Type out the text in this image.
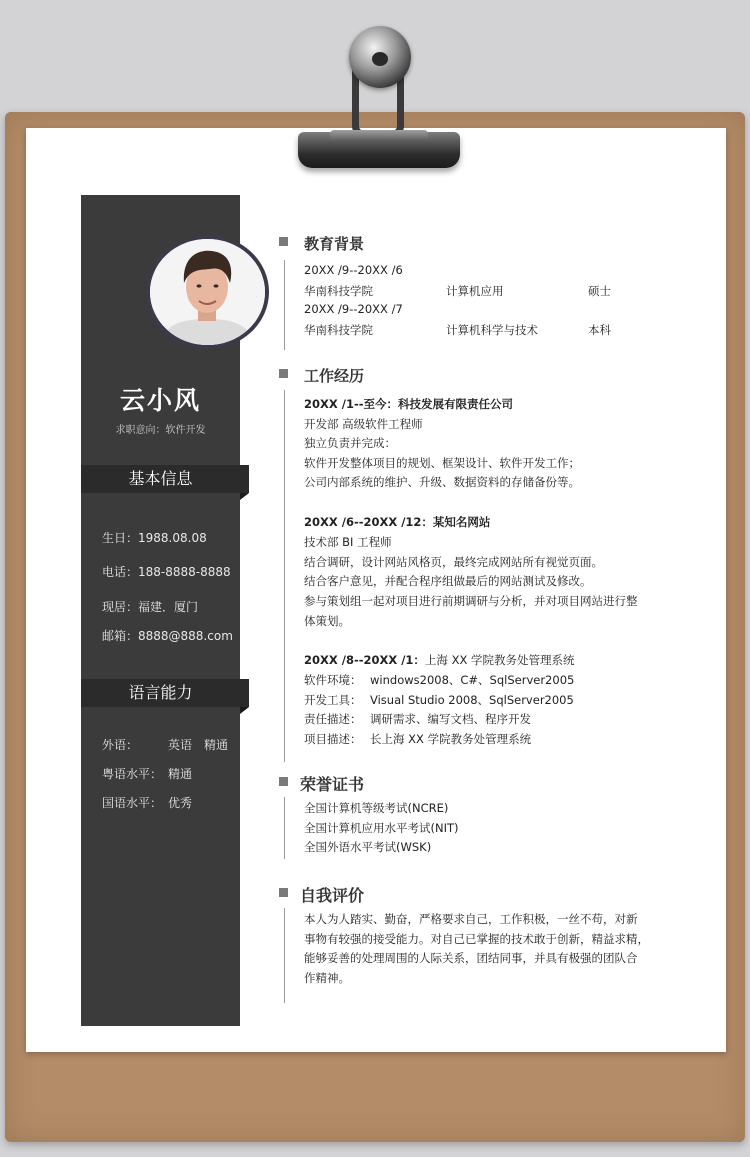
云小风
求职意向：软件开发
基本信息
生日：1988.08.08
电话：188-8888-8888
现居：福建．厦门
邮箱：8888@888.com
语言能力
外语： 英语　精通
粤语水平： 精通
国语水平： 优秀
教育背景
20XX /9--20XX /6
华南科技学院	计算机应用	硕士
20XX /9--20XX /7
华南科技学院	计算机科学与技术	本科
工作经历
20XX /1--至今：科技发展有限责任公司
开发部 高级软件工程师
独立负责并完成：
软件开发整体项目的规划、框架设计、软件开发工作；
公司内部系统的维护、升级、数据资料的存储备份等。
20XX /6--20XX /12：某知名网站
技术部 BI 工程师
结合调研，设计网站风格页，最终完成网站所有视觉页面。
结合客户意见，并配合程序组做最后的网站测试及修改。
参与策划组一起对项目进行前期调研与分析，并对项目网站进行整
体策划。
20XX /8--20XX /1：上海 XX 学院教务处管理系统
软件环境： windows2008、C#、SqlServer2005
开发工具： Visual Studio 2008、SqlServer2005
责任描述： 调研需求、编写文档、程序开发
项目描述： 长上海 XX 学院教务处管理系统
荣誉证书
全国计算机等级考试(NCRE)
全国计算机应用水平考试(NIT)
全国外语水平考试(WSK)
自我评价
本人为人踏实、勤奋，严格要求自己，工作积极，一丝不苟，对新
事物有较强的接受能力。对自己已掌握的技术敢于创新，精益求精，
能够妥善的处理周围的人际关系，团结同事，并具有极强的团队合
作精神。
